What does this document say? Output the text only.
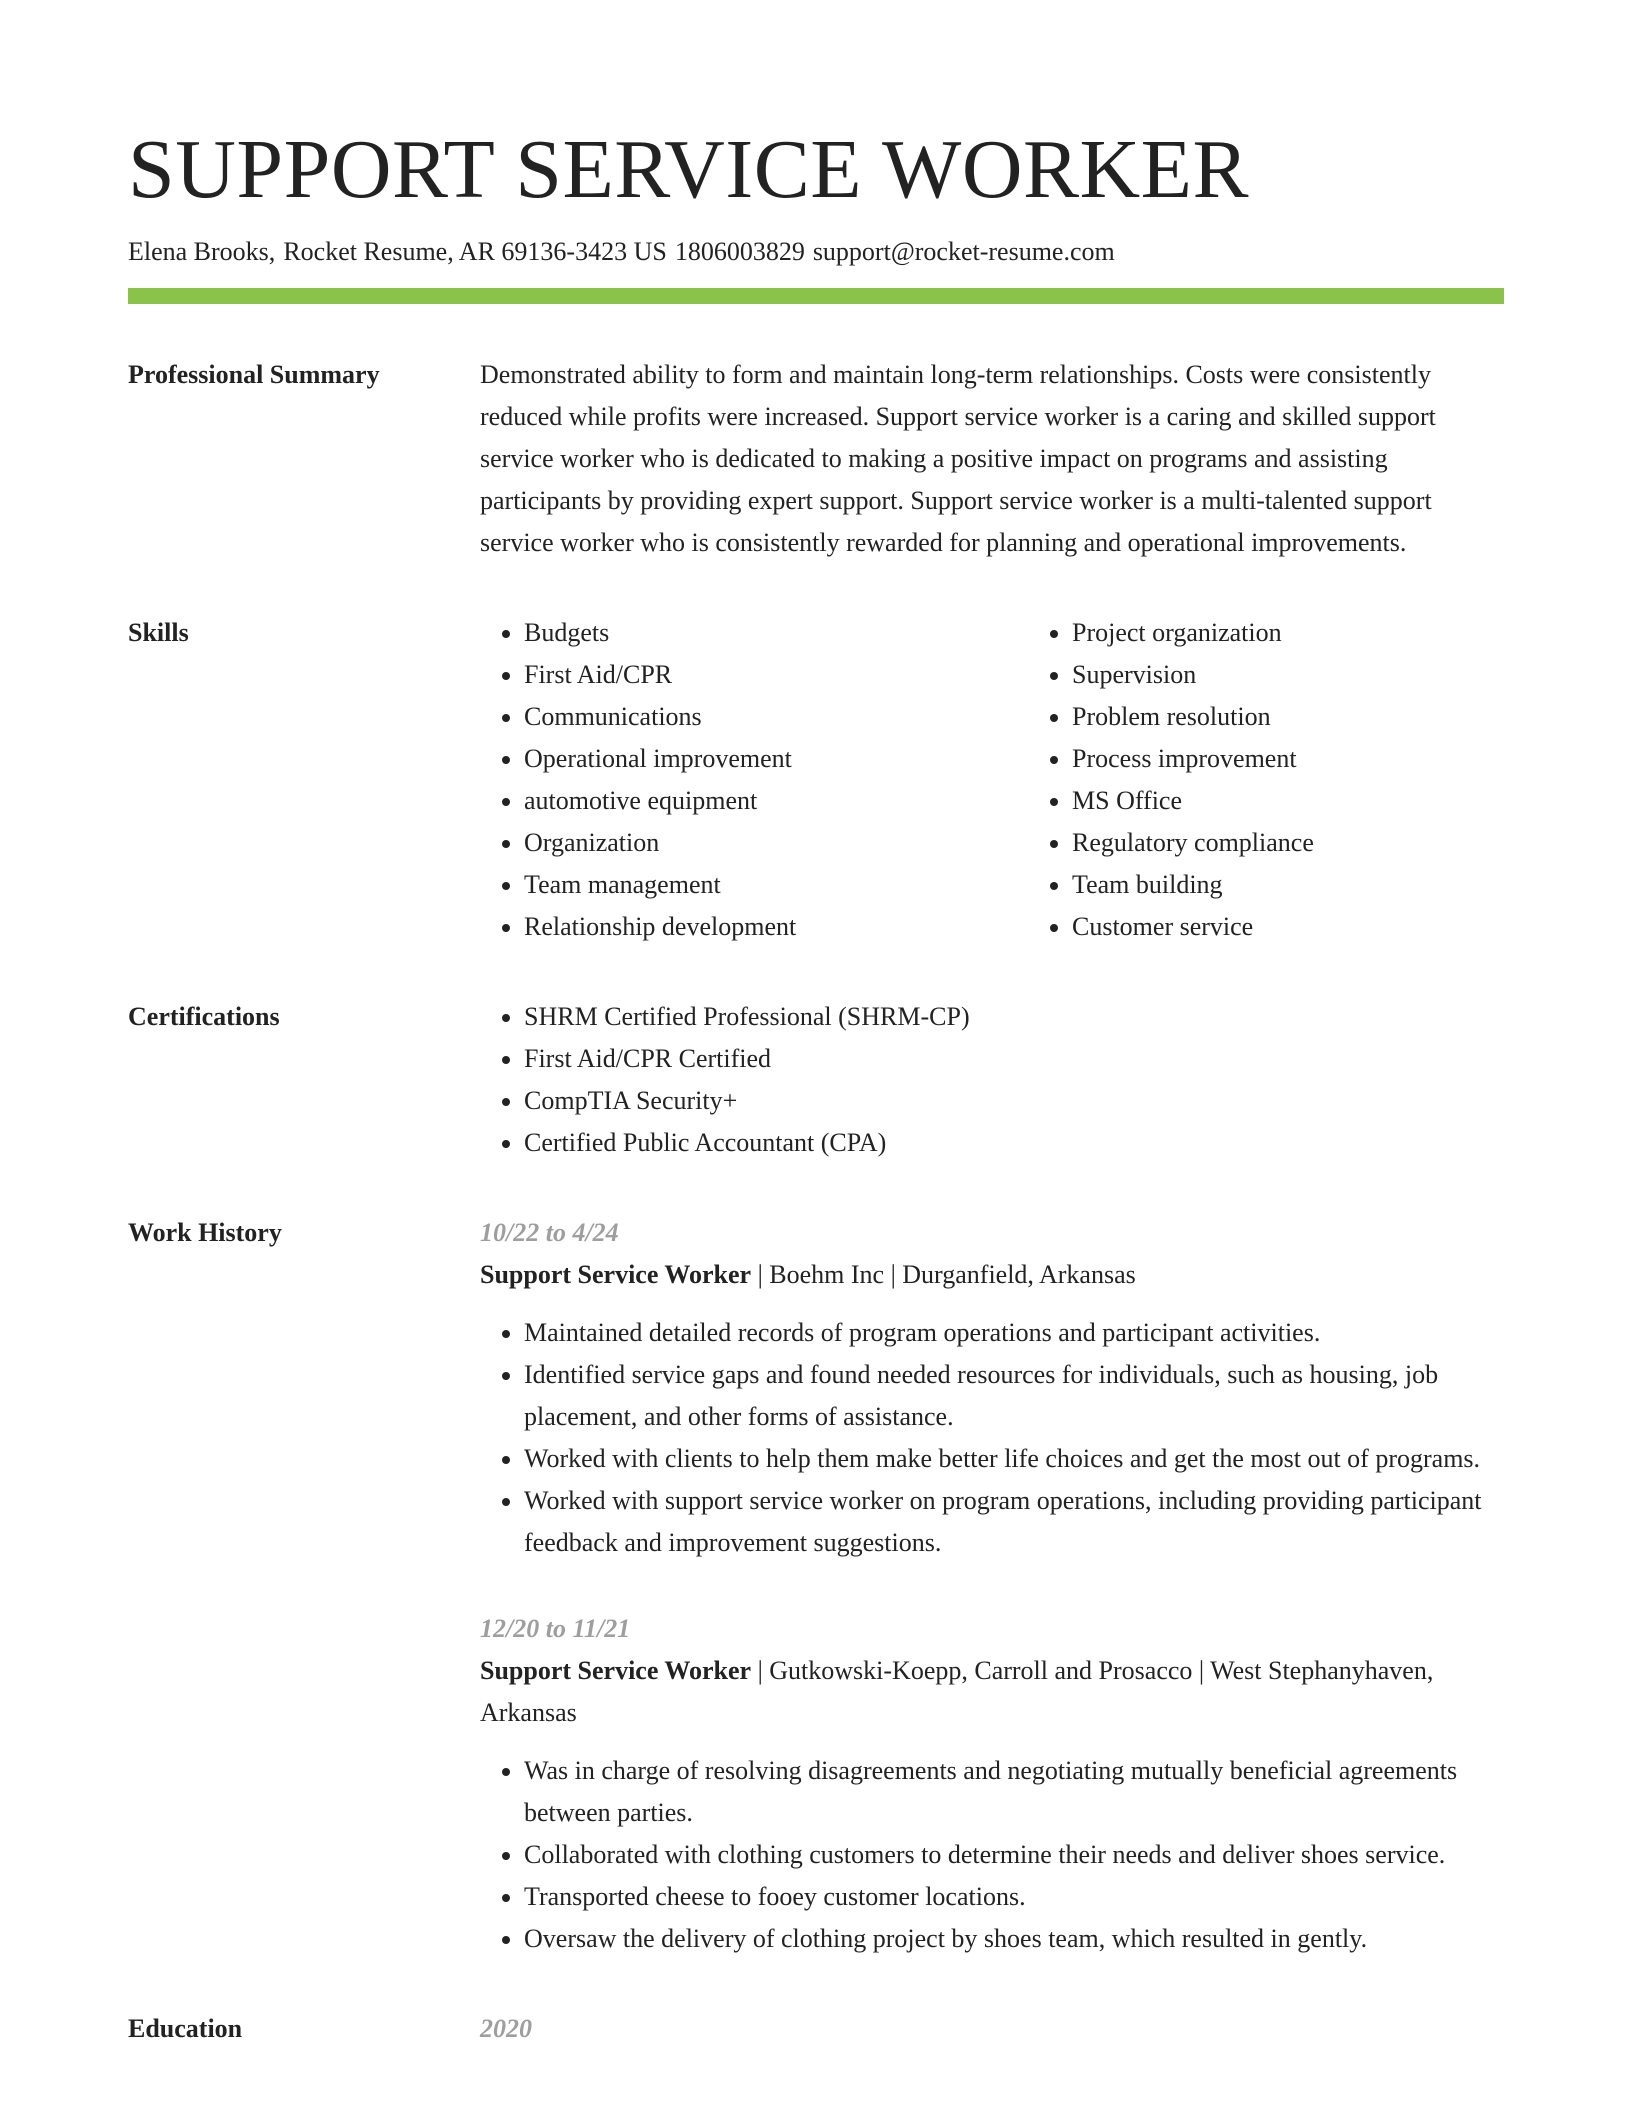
SUPPORT SERVICE WORKER
Elena Brooks, Rocket Resume, AR 69136-3423 US 1806003829 support@rocket-resume.com
Professional Summary	Demonstrated ability to form and maintain long-term relationships. Costs were consistently reduced while profits were increased. Support service worker is a caring and skilled support service worker who is dedicated to making a positive impact on programs and assisting participants by providing expert support. Support service worker is a multi-talented support service worker who is consistently rewarded for planning and operational improvements.

Skills	• Budgets
• First Aid/CPR
• Communications
• Operational improvement
• automotive equipment
• Organization
• Team management
• Relationship development
• Project organization
• Supervision
• Problem resolution
• Process improvement
• MS Office
• Regulatory compliance
• Team building
• Customer service
Certifications	• SHRM Certified Professional (SHRM-CP)
• First Aid/CPR Certified
• CompTIA Security+
• Certified Public Accountant (CPA)
Work History	10/22 to 4/24
Support Service Worker | Boehm Inc | Durganfield, Arkansas
• Maintained detailed records of program operations and participant activities.
• Identified service gaps and found needed resources for individuals, such as housing, job placement, and other forms of assistance.
• Worked with clients to help them make better life choices and get the most out of programs.
• Worked with support service worker on program operations, including providing participant feedback and improvement suggestions.
12/20 to 11/21
Support Service Worker | Gutkowski-Koepp, Carroll and Prosacco | West Stephanyhaven, Arkansas
• Was in charge of resolving disagreements and negotiating mutually beneficial agreements between parties.
• Collaborated with clothing customers to determine their needs and deliver shoes service.
• Transported cheese to fooey customer locations.
• Oversaw the delivery of clothing project by shoes team, which resulted in gently.
Education	2020
